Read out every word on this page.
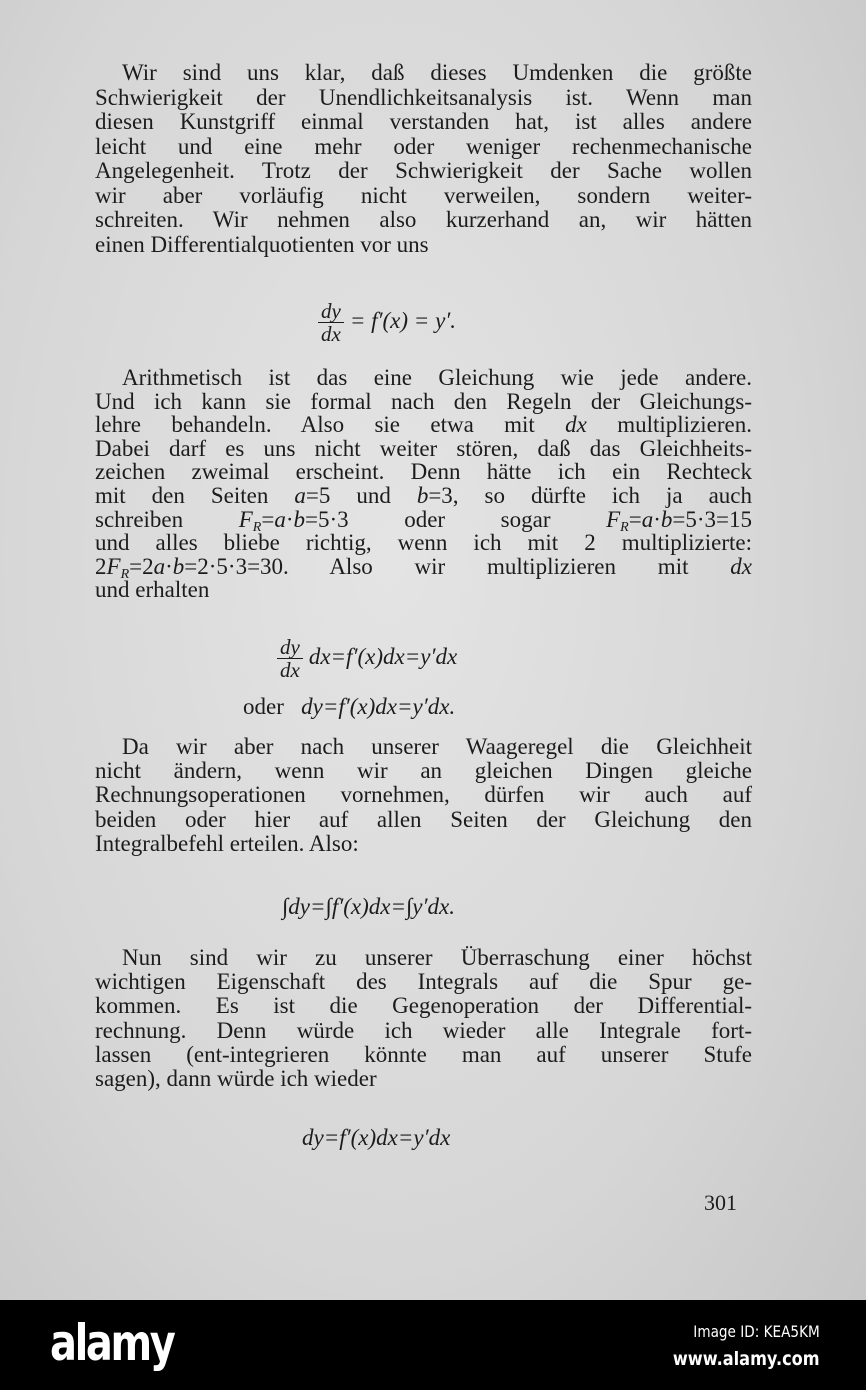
Wir sind uns klar, daß dieses Umdenken die größte
Schwierigkeit der Unendlichkeitsanalysis ist. Wenn man
diesen Kunstgriff einmal verstanden hat, ist alles andere
leicht und eine mehr oder weniger rechenmechanische
Angelegenheit. Trotz der Schwierigkeit der Sache wollen
wir aber vorläufig nicht verweilen, sondern weiter-
schreiten. Wir nehmen also kurzerhand an, wir hätten
einen Differentialquotienten vor uns
$\frac{dy}{dx} = f'(x) = y'$.
Arithmetisch ist das eine Gleichung wie jede andere.
Und ich kann sie formal nach den Regeln der Gleichungs-
lehre behandeln. Also sie etwa mit dx multiplizieren.
Dabei darf es uns nicht weiter stören, daß das Gleichheits-
zeichen zweimal erscheint. Denn hätte ich ein Rechteck
mit den Seiten a=5 und b=3, so dürfte ich ja auch
schreiben $F_R=a\cdot b=5\cdot 3$ oder sogar $F_R=a\cdot b=5\cdot 3=15$
und alles bliebe richtig, wenn ich mit 2 multiplizierte:
$2F_R=2a\cdot b=2\cdot 5\cdot 3=30$. Also wir multiplizieren mit dx
und erhalten
$\frac{dy}{dx} dx=f'(x)dx=y'dx$
oder dy=f′(x)dx=y′dx.
Da wir aber nach unserer Waageregel die Gleichheit
nicht ändern, wenn wir an gleichen Dingen gleiche
Rechnungsoperationen vornehmen, dürfen wir auch auf
beiden oder hier auf allen Seiten der Gleichung den
Integralbefehl erteilen. Also:
∫dy=∫f′(x)dx=∫y′dx.
Nun sind wir zu unserer Überraschung einer höchst
wichtigen Eigenschaft des Integrals auf die Spur ge-
kommen. Es ist die Gegenoperation der Differential-
rechnung. Denn würde ich wieder alle Integrale fort-
lassen (ent-integrieren könnte man auf unserer Stufe
sagen), dann würde ich wieder
dy=f′(x)dx=y′dx
301
alamy	Image ID: KEA5KM
www.alamy.com
